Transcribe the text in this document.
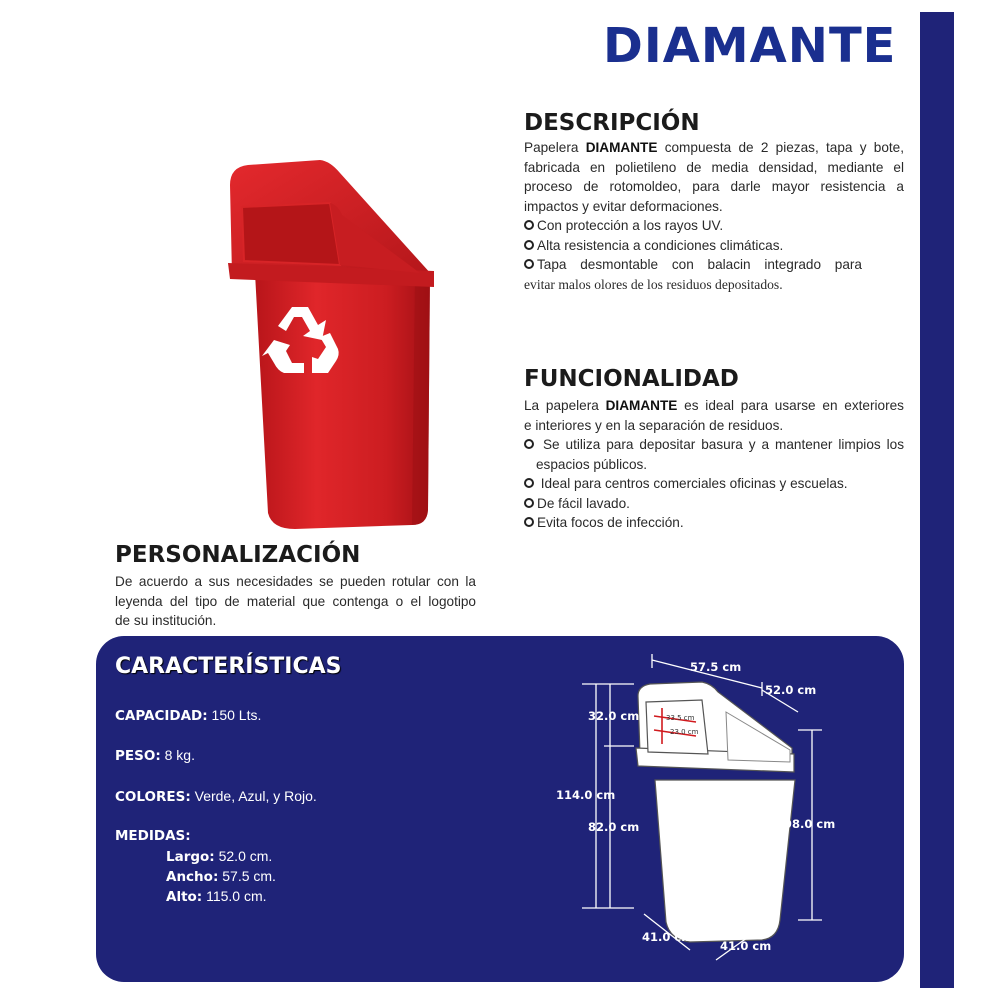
DIAMANTE
DESCRIPCIÓN
Papelera DIAMANTE compuesta de 2 piezas, tapa y bote,
fabricada en polietileno de media densidad, mediante el
proceso de rotomoldeo, para darle mayor resistencia a
impactos y evitar deformaciones.
Con protección a los rayos UV.
Alta resistencia a condiciones climáticas.
Tapa desmontable con balacin integrado para
evitar malos olores de los residuos depositados.
FUNCIONALIDAD
La papelera DIAMANTE es ideal para usarse en exteriores
e interiores y en la separación de residuos.
Se utiliza para depositar basura y a mantener limpios los
espacios públicos.
Ideal para centros comerciales oficinas y escuelas.
De fácil lavado.
Evita focos de infección.
PERSONALIZACIÓN
De acuerdo a sus necesidades se pueden rotular con la
leyenda del tipo de material que contenga o el logotipo
de su institución.
CARACTERÍSTICAS
CAPACIDAD: 150 Lts.
PESO: 8 kg.
COLORES: Verde, Azul, y Rojo.
MEDIDAS:
Largo: 52.0 cm.
Ancho: 57.5 cm.
Alto: 115.0 cm.
33.5 cm
23.0 cm
57.5 cm
52.0 cm
32.0 cm
114.0 cm
82.0 cm	98.0 cm
41.0 cm
41.0 cm
